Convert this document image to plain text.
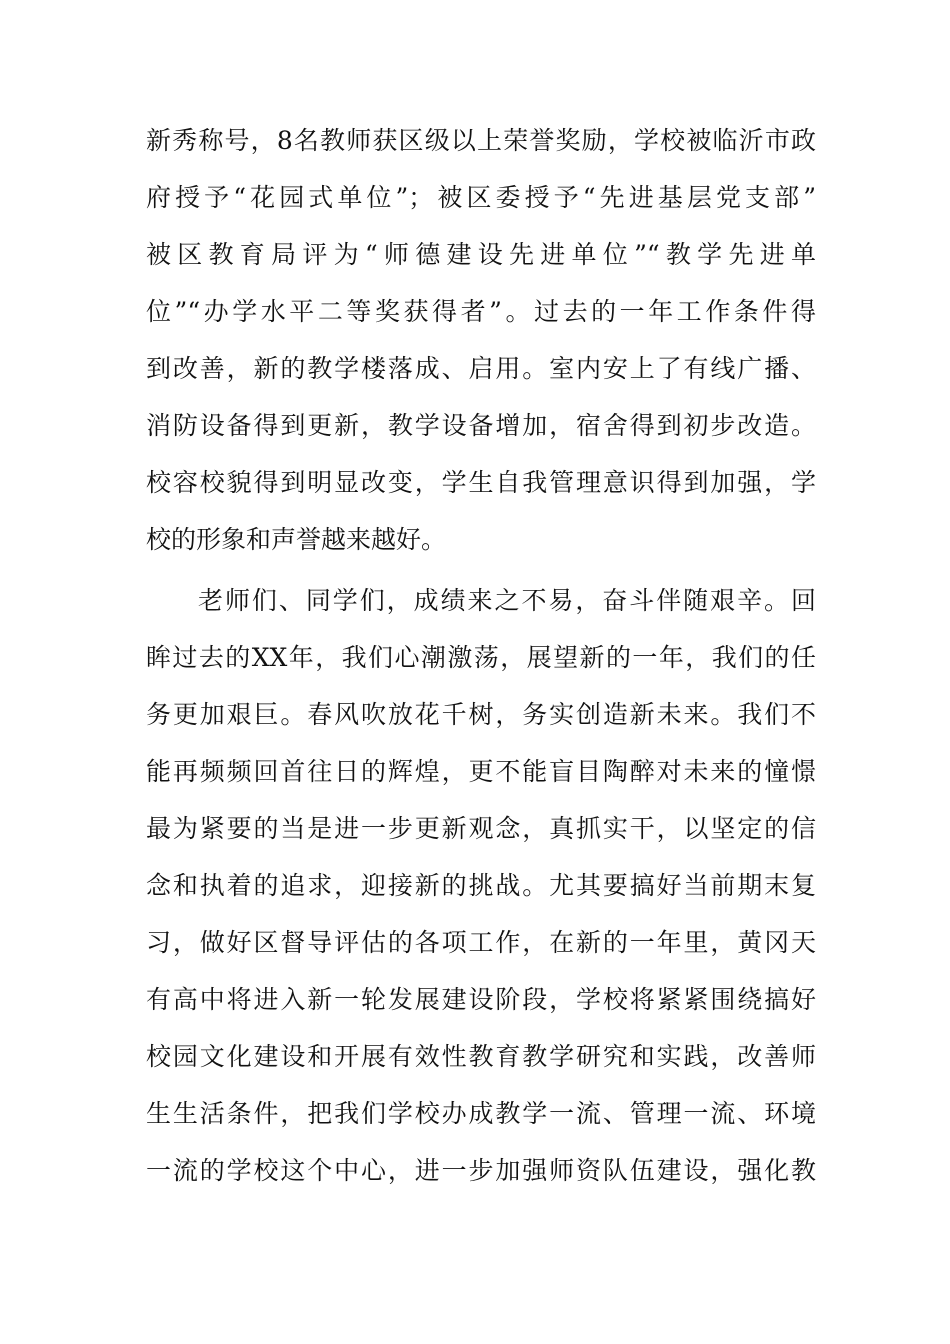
新秀称号，8名教师获区级以上荣誉奖励，学校被临沂市政
府授予“花园式单位”；被区委授予“先进基层党支部”
被区教育局评为“师德建设先进单位”“教学先进单
位”“办学水平二等奖获得者”。过去的一年工作条件得
到改善，新的教学楼落成、启用。室内安上了有线广播、
消防设备得到更新，教学设备增加，宿舍得到初步改造。
校容校貌得到明显改变，学生自我管理意识得到加强，学
校的形象和声誉越来越好。
老师们、同学们，成绩来之不易，奋斗伴随艰辛。回
眸过去的XX年，我们心潮激荡，展望新的一年，我们的任
务更加艰巨。春风吹放花千树，务实创造新未来。我们不
能再频频回首往日的辉煌，更不能盲目陶醉对未来的憧憬
最为紧要的当是进一步更新观念，真抓实干，以坚定的信
念和执着的追求，迎接新的挑战。尤其要搞好当前期末复
习，做好区督导评估的各项工作，在新的一年里，黄冈天
有高中将进入新一轮发展建设阶段，学校将紧紧围绕搞好
校园文化建设和开展有效性教育教学研究和实践，改善师
生生活条件，把我们学校办成教学一流、管理一流、环境
一流的学校这个中心，进一步加强师资队伍建设，强化教
